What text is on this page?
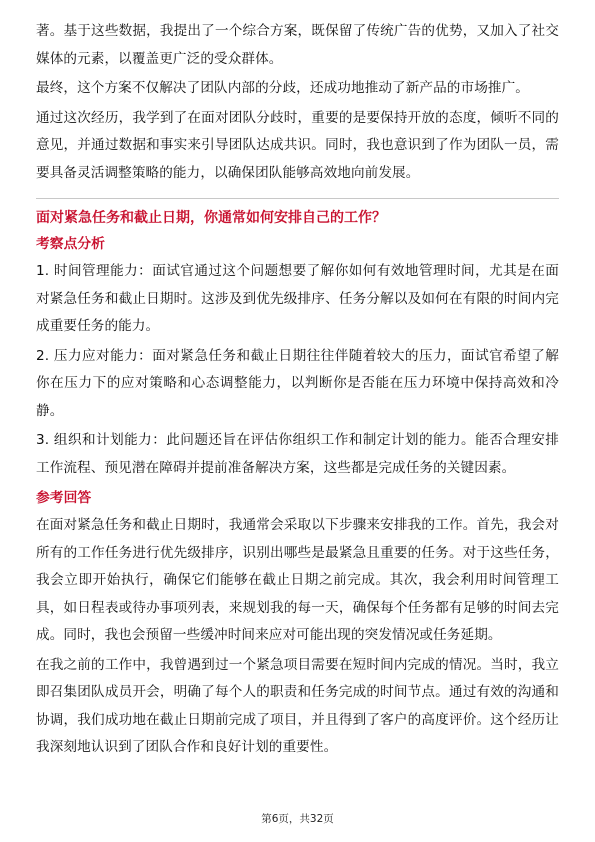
著。基于这些数据，我提出了一个综合方案，既保留了传统广告的优势，又加入了社交媒体的元素，以覆盖更广泛的受众群体。

最终，这个方案不仅解决了团队内部的分歧，还成功地推动了新产品的市场推广。

通过这次经历，我学到了在面对团队分歧时，重要的是要保持开放的态度，倾听不同的意见，并通过数据和事实来引导团队达成共识。同时，我也意识到了作为团队一员，需要具备灵活调整策略的能力，以确保团队能够高效地向前发展。

面对紧急任务和截止日期，你通常如何安排自己的工作？

考察点分析

1. 时间管理能力：面试官通过这个问题想要了解你如何有效地管理时间，尤其是在面对紧急任务和截止日期时。这涉及到优先级排序、任务分解以及如何在有限的时间内完成重要任务的能力。

2. 压力应对能力：面对紧急任务和截止日期往往伴随着较大的压力，面试官希望了解你在压力下的应对策略和心态调整能力，以判断你是否能在压力环境中保持高效和冷静。

3. 组织和计划能力：此问题还旨在评估你组织工作和制定计划的能力。能否合理安排工作流程、预见潜在障碍并提前准备解决方案，这些都是完成任务的关键因素。

参考回答

在面对紧急任务和截止日期时，我通常会采取以下步骤来安排我的工作。首先，我会对所有的工作任务进行优先级排序，识别出哪些是最紧急且重要的任务。对于这些任务，我会立即开始执行，确保它们能够在截止日期之前完成。其次，我会利用时间管理工具，如日程表或待办事项列表，来规划我的每一天，确保每个任务都有足够的时间去完成。同时，我也会预留一些缓冲时间来应对可能出现的突发情况或任务延期。

在我之前的工作中，我曾遇到过一个紧急项目需要在短时间内完成的情况。当时，我立即召集团队成员开会，明确了每个人的职责和任务完成的时间节点。通过有效的沟通和协调，我们成功地在截止日期前完成了项目，并且得到了客户的高度评价。这个经历让我深刻地认识到了团队合作和良好计划的重要性。

第6页，共32页
